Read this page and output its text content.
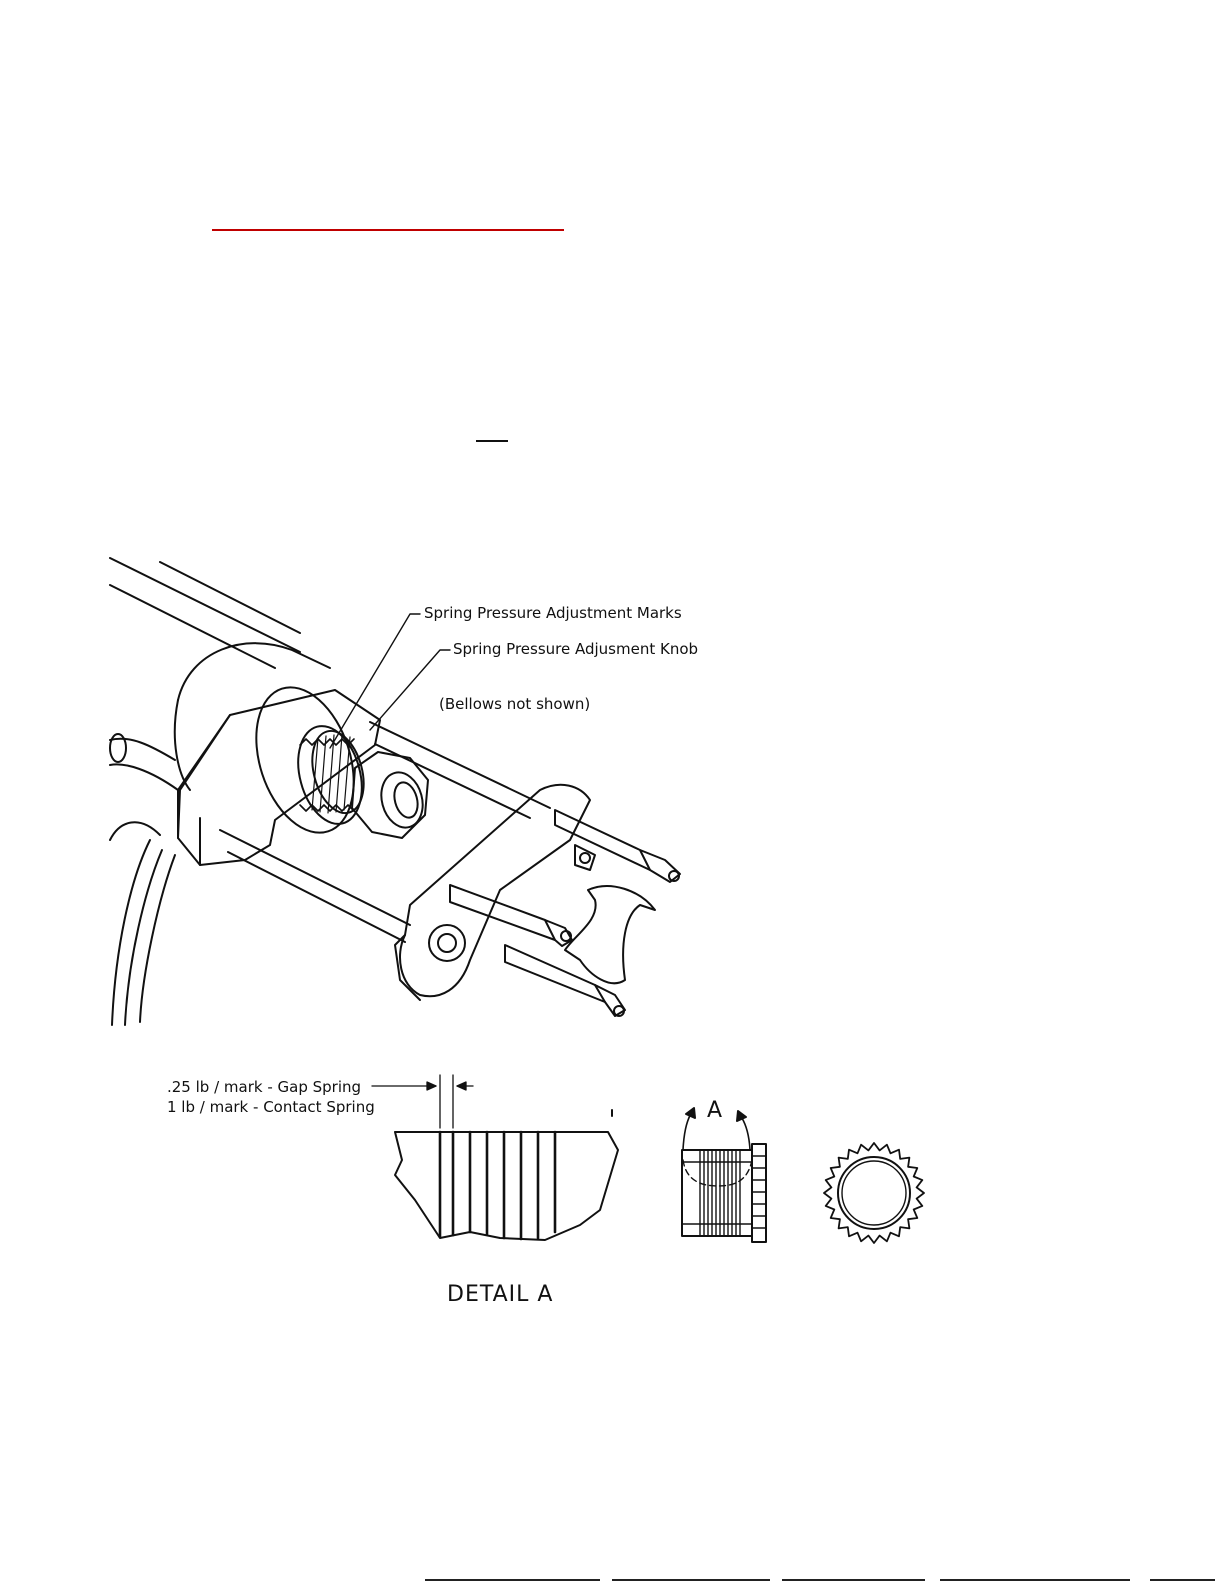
Spring Pressure Adjustment Marks
Spring Pressure Adjusment Knob
(Bellows not shown)
.25 lb / mark - Gap Spring
1 lb / mark - Contact Spring	A
DETAIL A
